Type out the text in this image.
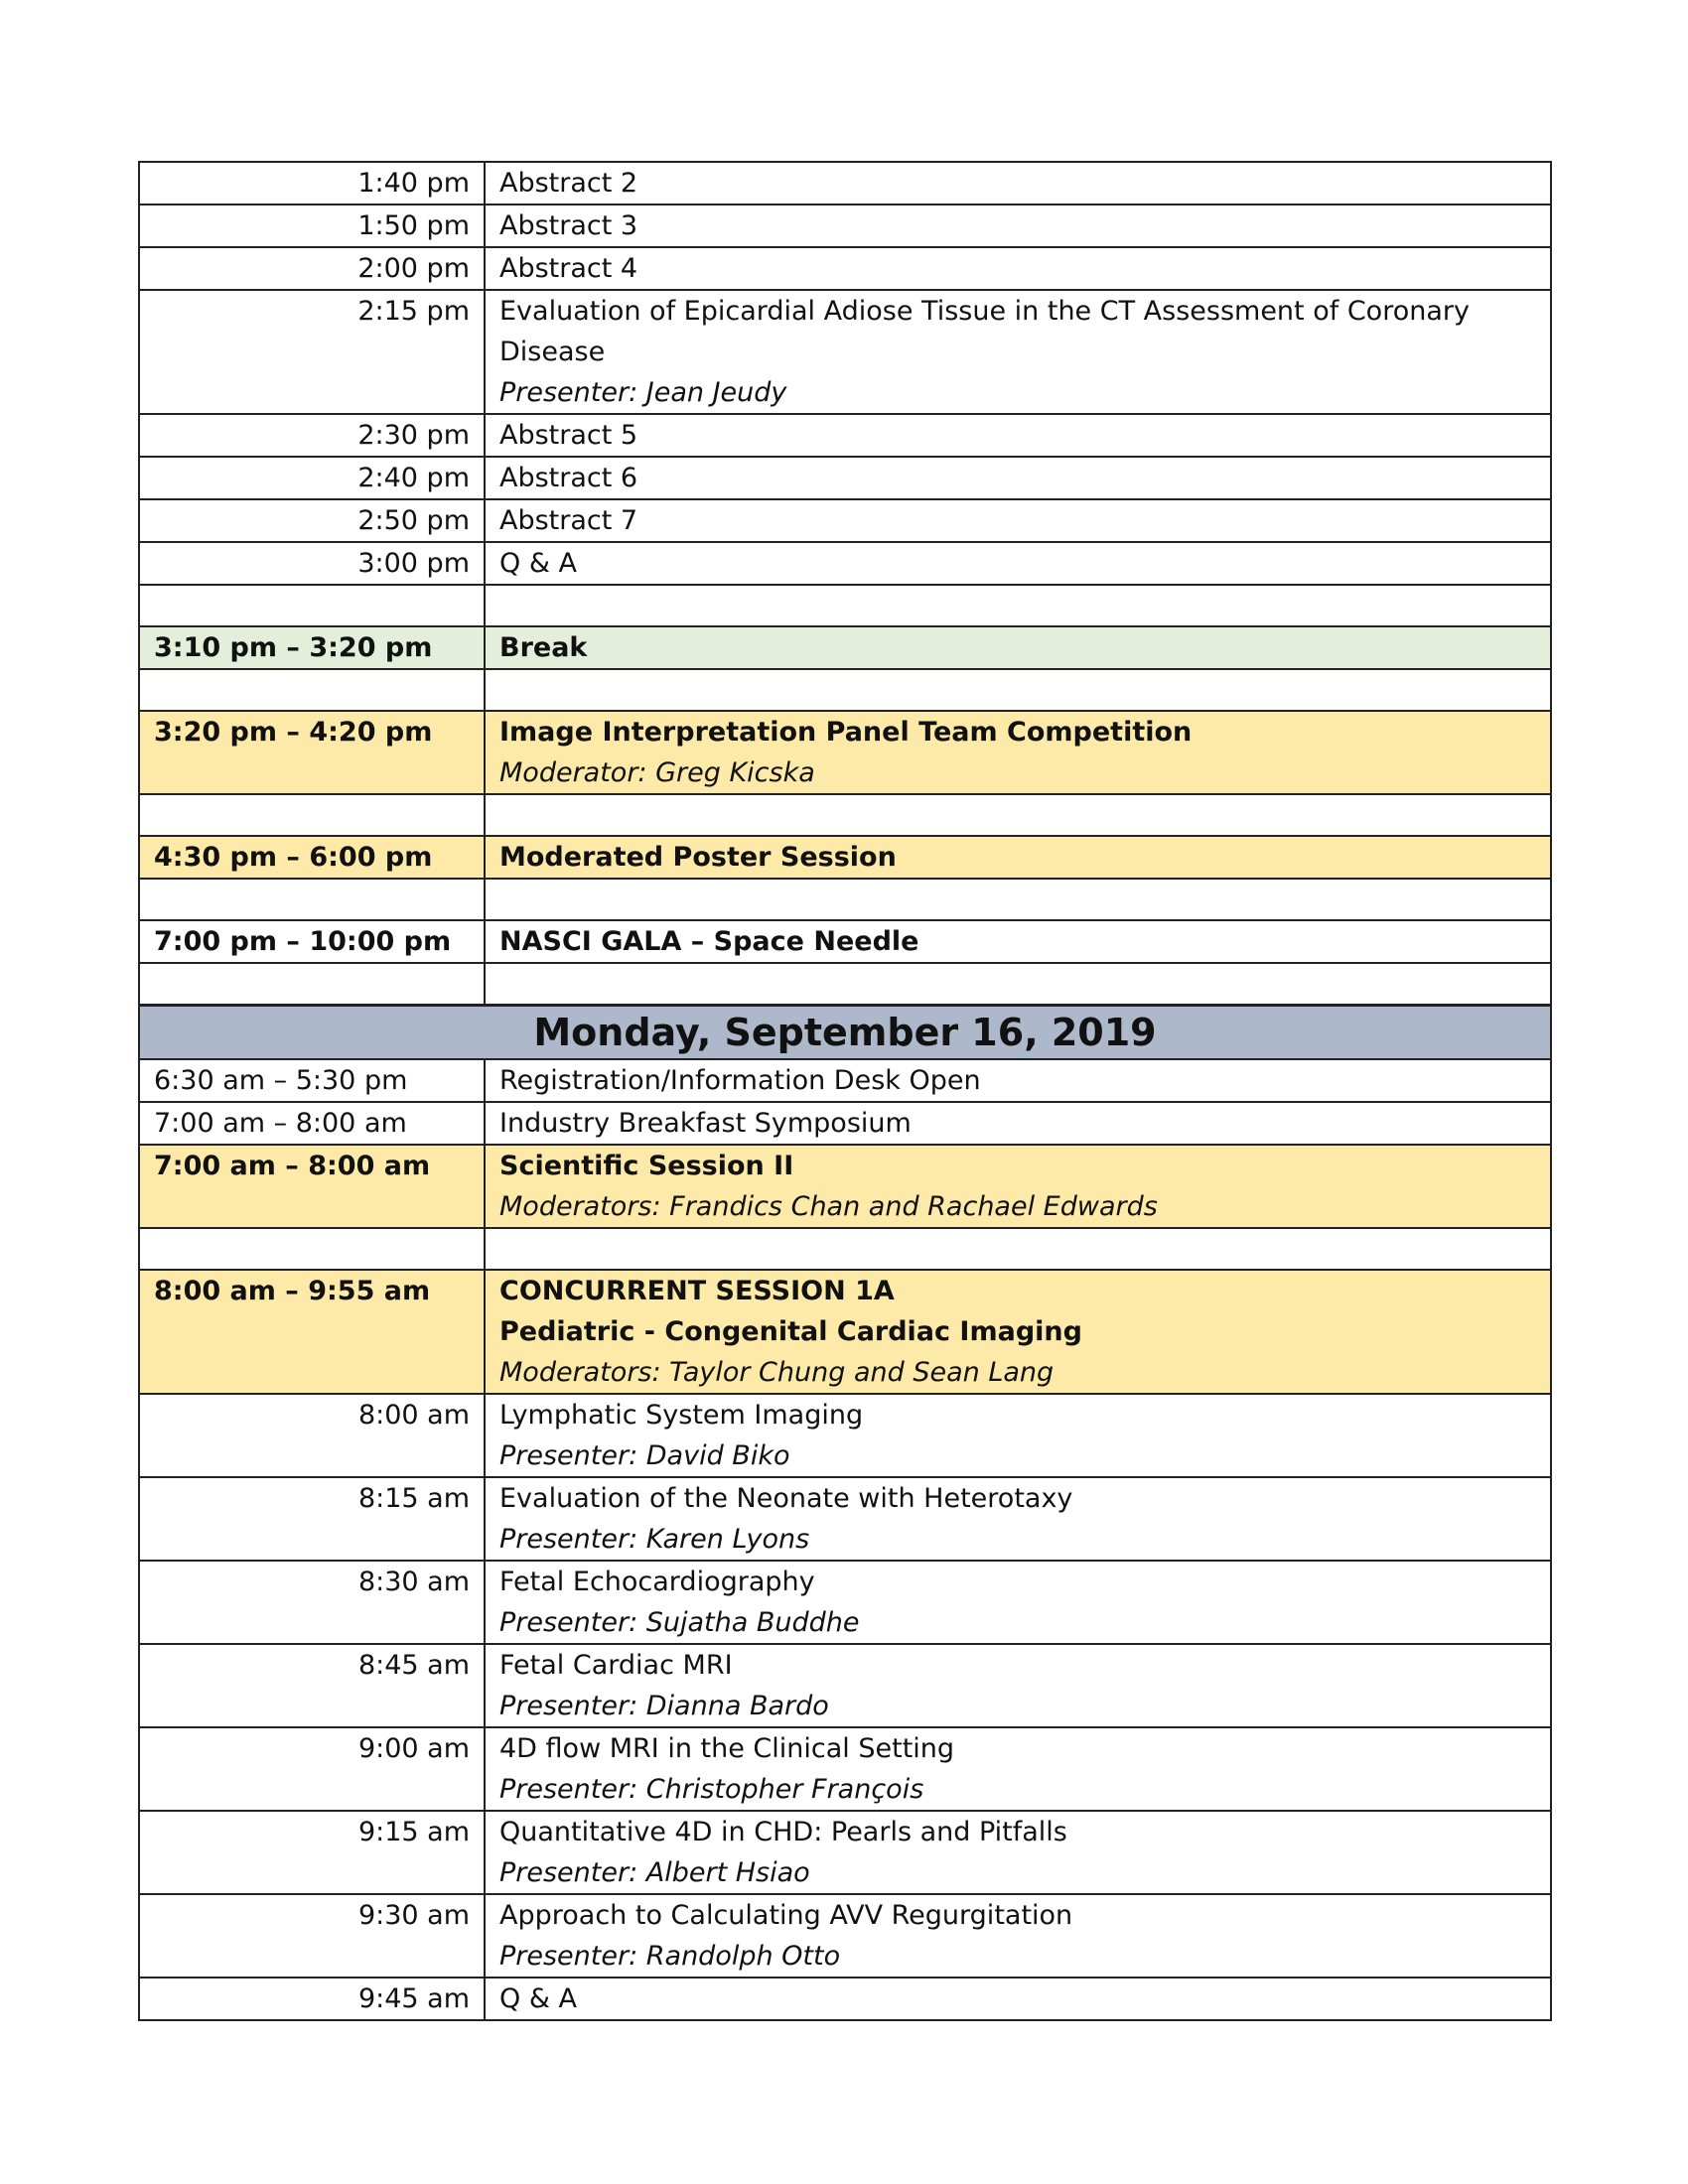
1:40 pm	Abstract 2

1:50 pm	Abstract 3

2:00 pm	Abstract 4

2:15 pm	Evaluation of Epicardial Adiose Tissue in the CT Assessment of Coronary Disease
Presenter: Jean Jeudy

2:30 pm	Abstract 5

2:40 pm	Abstract 6

2:50 pm	Abstract 7

3:00 pm	Q & A

3:10 pm – 3:20 pm	Break

3:20 pm – 4:20 pm	Image Interpretation Panel Team Competition
Moderator: Greg Kicska

4:30 pm – 6:00 pm	Moderated Poster Session

7:00 pm – 10:00 pm	NASCI GALA – Space Needle

Monday, September 16, 2019	
6:30 am – 5:30 pm	Registration/Information Desk Open

7:00 am – 8:00 am	Industry Breakfast Symposium

7:00 am – 8:00 am	Scientific Session II
Moderators: Frandics Chan and Rachael Edwards

8:00 am – 9:55 am	CONCURRENT SESSION 1A
Pediatric - Congenital Cardiac Imaging
Moderators: Taylor Chung and Sean Lang

8:00 am	Lymphatic System Imaging
Presenter: David Biko

8:15 am	Evaluation of the Neonate with Heterotaxy
Presenter: Karen Lyons

8:30 am	Fetal Echocardiography
Presenter: Sujatha Buddhe

8:45 am	Fetal Cardiac MRI
Presenter: Dianna Bardo

9:00 am	4D flow MRI in the Clinical Setting
Presenter: Christopher François

9:15 am	Quantitative 4D in CHD: Pearls and Pitfalls
Presenter: Albert Hsiao

9:30 am	Approach to Calculating AVV Regurgitation
Presenter: Randolph Otto

9:45 am	Q & A
